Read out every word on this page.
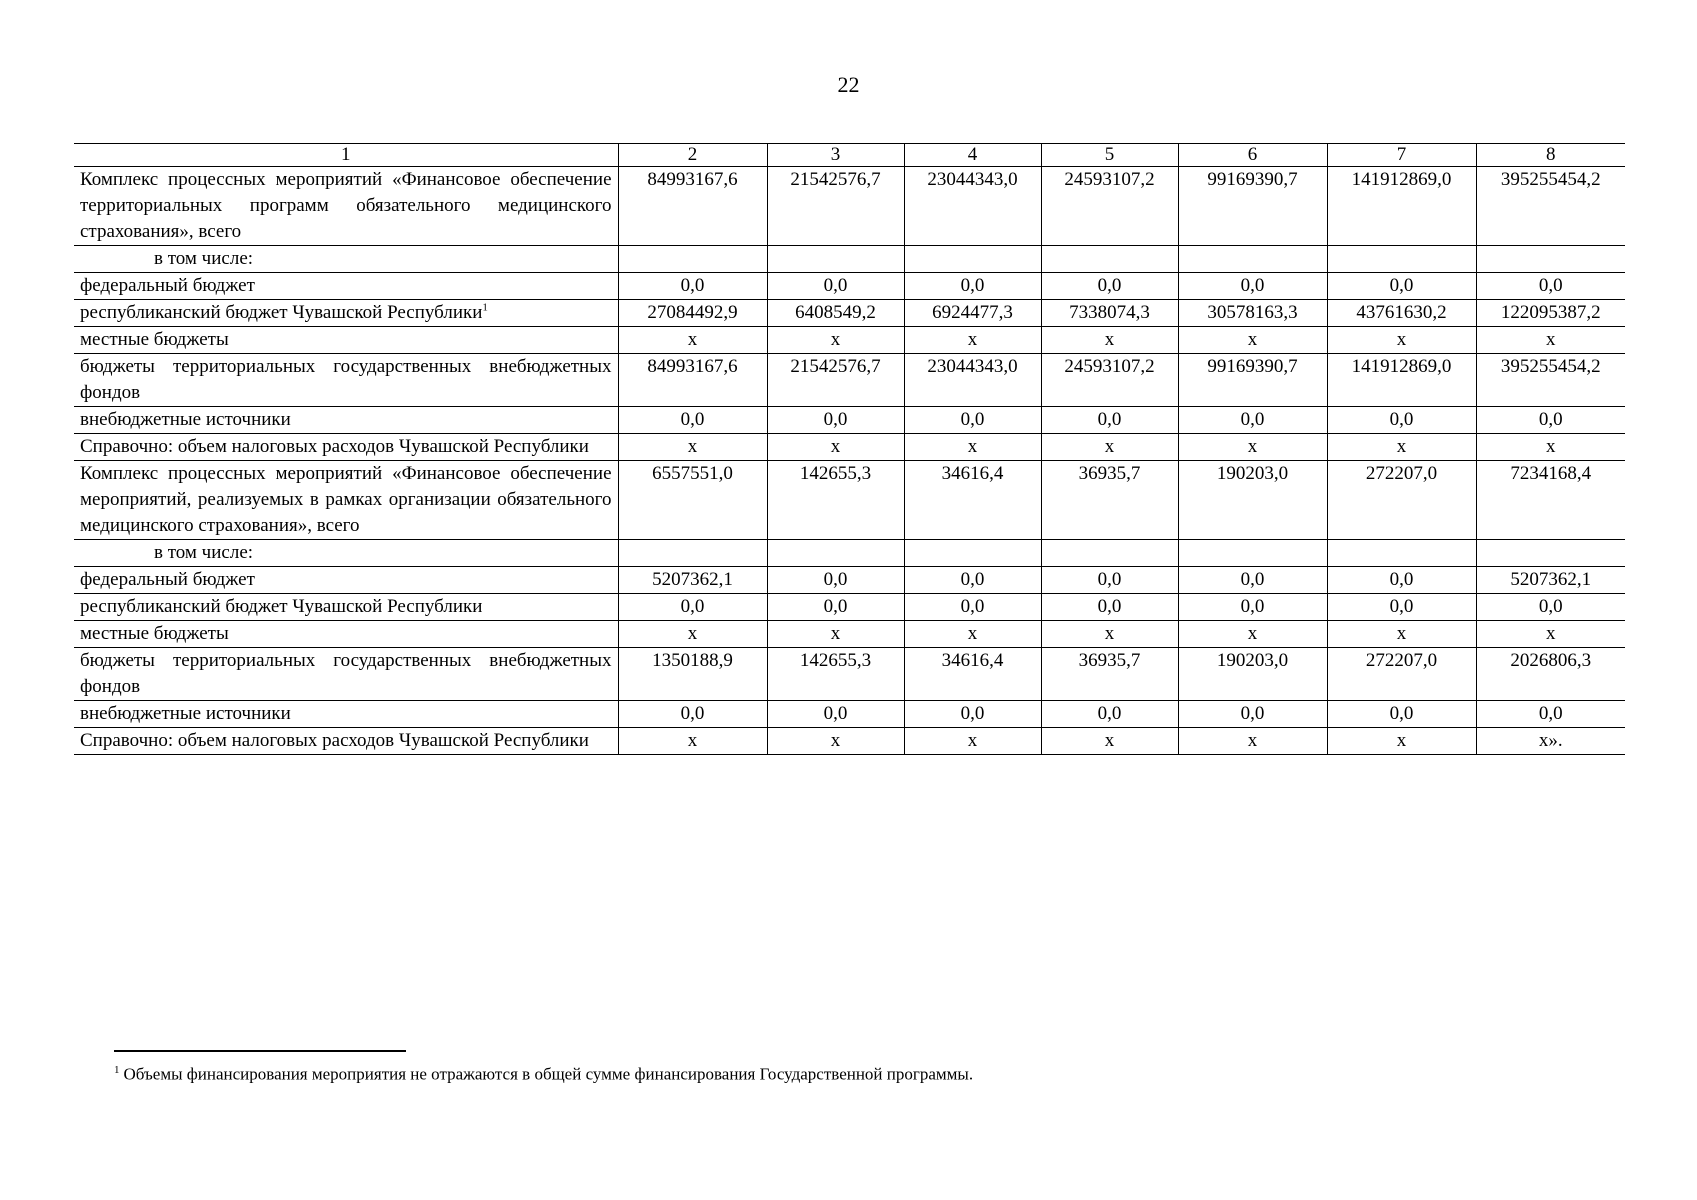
22
1	2	3	4	5	6	7	8
Комплекс процессных мероприятий «Финансовое обеспечение территориальных программ обязательного медицинского страхования», всего	84993167,6	21542576,7	23044343,0	24593107,2	99169390,7	141912869,0	395255454,2
в том числе:							
федеральный бюджет	0,0	0,0	0,0	0,0	0,0	0,0	0,0
республиканский бюджет Чувашской Республики$^1$	27084492,9	6408549,2	6924477,3	7338074,3	30578163,3	43761630,2	122095387,2
местные бюджеты	х	х	х	х	х	х	х
бюджеты территориальных государственных внебюджетных фондов	84993167,6	21542576,7	23044343,0	24593107,2	99169390,7	141912869,0	395255454,2
внебюджетные источники	0,0	0,0	0,0	0,0	0,0	0,0	0,0
Справочно: объем налоговых расходов Чувашской Республики	х	х	х	х	х	х	х
Комплекс процессных мероприятий «Финансовое обеспечение мероприятий, реализуемых в рамках организации обязательного медицинского страхования», всего	6557551,0	142655,3	34616,4	36935,7	190203,0	272207,0	7234168,4
в том числе:							
федеральный бюджет	5207362,1	0,0	0,0	0,0	0,0	0,0	5207362,1
республиканский бюджет Чувашской Республики	0,0	0,0	0,0	0,0	0,0	0,0	0,0
местные бюджеты	х	х	х	х	х	х	х
бюджеты территориальных государственных внебюджетных фондов	1350188,9	142655,3	34616,4	36935,7	190203,0	272207,0	2026806,3
внебюджетные источники	0,0	0,0	0,0	0,0	0,0	0,0	0,0
Справочно: объем налоговых расходов Чувашской Республики	х	х	х	х	х	х	х».
$^1$ Объемы финансирования мероприятия не отражаются в общей сумме финансирования Государственной программы.
